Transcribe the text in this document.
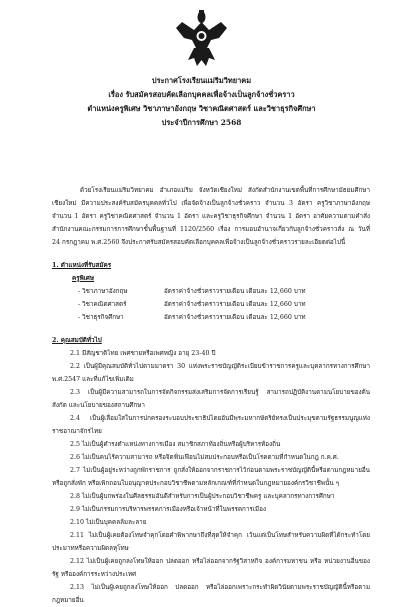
ประกาศโรงเรียนแม่ริมวิทยาคม
เรื่อง รับสมัครสอบคัดเลือกบุคคลเพื่อจ้างเป็นลูกจ้างชั่วคราว
ตำแหน่งครูพิเศษ วิชาภาษาอังกฤษ วิชาคณิตศาสตร์ และวิชาธุรกิจศึกษา
ประจำปีการศึกษา 2568

ด้วยโรงเรียนแม่ริมวิทยาคม อำเภอแม่ริม จังหวัดเชียงใหม่ สังกัดสำนักงานเขตพื้นที่การศึกษามัธยมศึกษาเชียงใหม่ มีความประสงค์รับสมัครบุคคลทั่วไป เพื่อจัดจ้างเป็นลูกจ้างชั่วคราว จำนวน 3 อัตรา ครูวิชาภาษาอังกฤษ จำนวน 1 อัตรา ครูวิชาคณิตศาสตร์ จำนวน 1 อัตรา และครูวิชาธุรกิจศึกษา จำนวน 1 อัตรา อาศัยความตามคำสั่งสำนักงานคณะกรรมการการศึกษาขั้นพื้นฐานที่ 1120/2560 เรื่อง การมอบอำนาจเกี่ยวกับลูกจ้างชั่วคราวสั่ง ณ วันที่ 24 กรกฎาคม พ.ศ.2560 จึงประกาศรับสมัครสอบคัดเลือกบุคคลเพื่อจ้างเป็นลูกจ้างชั่วคราวรายละเอียดต่อไปนี้

1. ตำแหน่งที่รับสมัคร
ครูพิเศษ
- วิชาภาษาอังกฤษ	อัตราค่าจ้างชั่วคราวรายเดือน เดือนละ 12,660 บาท
- วิชาคณิตศาสตร์	อัตราค่าจ้างชั่วคราวรายเดือน เดือนละ 12,660 บาท
- วิชาธุรกิจศึกษา	อัตราค่าจ้างชั่วคราวรายเดือน เดือนละ 12,660 บาท
2. คุณสมบัติทั่วไป

2.1 มีสัญชาติไทย เพศชายหรือเพศหญิง อายุ 23-40 ปี

2.2 เป็นผู้มีคุณสมบัติทั่วไปตามมาตรา 30 แห่งพระราชบัญญัติระเบียบข้าราชการครูและบุคลากรทางการศึกษา พ.ศ.2547 และที่แก้ไขเพิ่มเติม

2.3 เป็นผู้มีความสามารถในการจัดกิจกรรมส่งเสริมการจัดการเรียนรู้ สามารถปฏิบัติงานตามนโยบายของต้นสังกัด และนโยบายของสถานศึกษา

2.4 เป็นผู้เลื่อมใสในการปกครองระบอบประชาธิปไตยอันมีพระมหากษัตริย์ทรงเป็นประมุขตามรัฐธรรมนูญแห่งราชอาณาจักรไทย

2.5 ไม่เป็นผู้ดำรงตำแหน่งทางการเมือง สมาชิกสภาท้องถิ่นหรือผู้บริหารท้องถิ่น

2.6 ไม่เป็นคนไร้ความสามารถ หรือจิตฟั่นเฟือนไม่สมประกอบหรือเป็นโรคตามที่กำหนดในกฎ ก.ค.ศ.

2.7 ไม่เป็นผู้อยู่ระหว่างถูกพักราชการ ถูกสั่งให้ออกจากราชการไว้ก่อนตามพระราชบัญญัตินี้หรือตามกฎหมายอื่น หรือถูกสั่งพัก หรือเพิกถอนใบอนุญาตประกอบวิชาชีพตามหลักเกณฑ์ที่กำหนดในกฎหมายองค์กรวิชาชีพนั้น ๆ

2.8 ไม่เป็นผู้บกพร่องในศีลธรรมอันดีสำหรับการเป็นผู้ประกอบวิชาชีพครู และบุคลากรทางการศึกษา

2.9 ไม่เป็นกรรมการบริหารพรรคการเมืองหรือเจ้าหน้าที่ในพรรคการเมือง

2.10 ไม่เป็นบุคคลล้มละลาย

2.11 ไม่เป็นผู้เคยต้องโทษจำคุกโดยคำพิพากษาถึงที่สุดให้จำคุก เว้นแต่เป็นโทษสำหรับความผิดที่ได้กระทำโดยประมาทหรือความผิดลหุโทษ

2.12 ไม่เป็นผู้เคยถูกลงโทษให้ออก ปลดออก หรือไล่ออกจากรัฐวิสาหกิจ องค์การมหาชน หรือ หน่วยงานอื่นของรัฐ หรือองค์การระหว่างประเทศ

2.13 ไม่เป็นผู้เคยถูกลงโทษให้ออก ปลดออก หรือไล่ออกเพราะกระทำผิดวินัยตามพระราชบัญญัตินี้หรือตามกฎหมายอื่น
